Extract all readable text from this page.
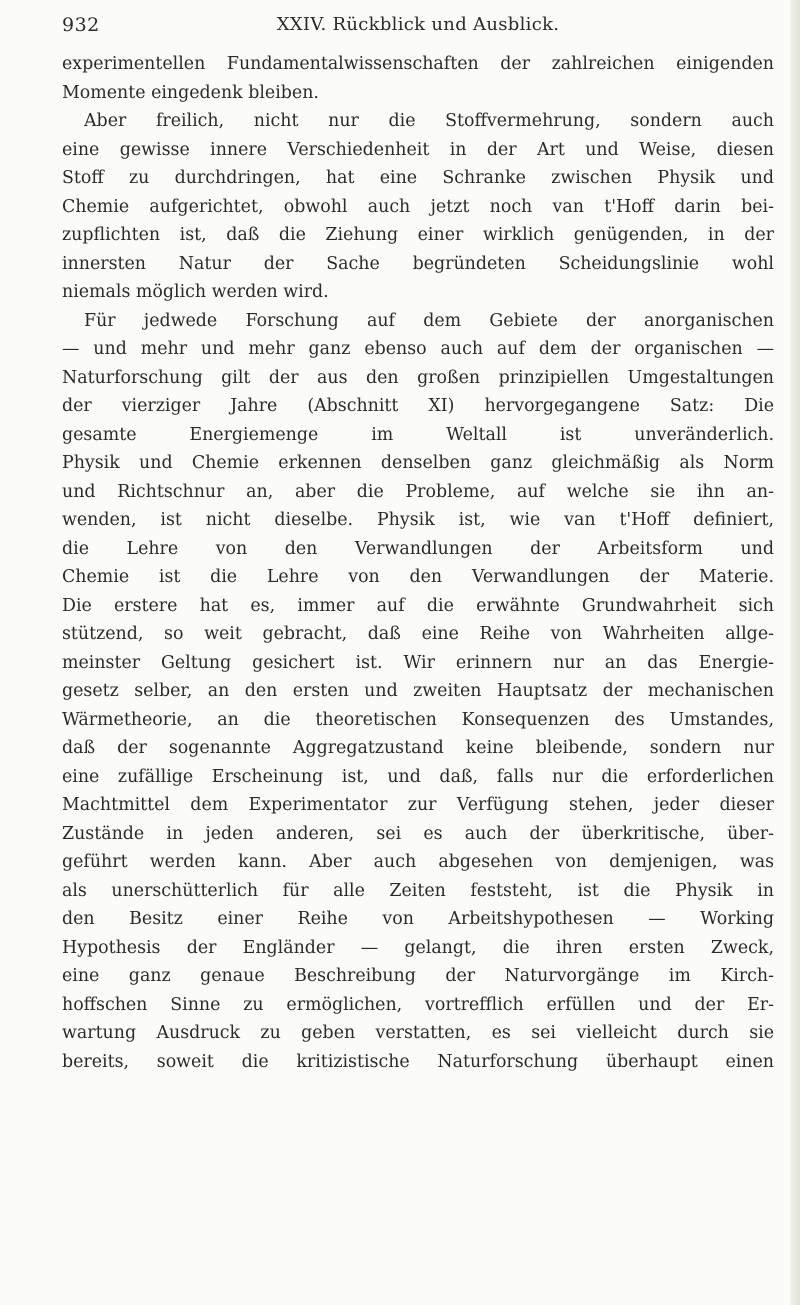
932	XXIV. Rückblick und Ausblick.
experimentellen Fundamentalwissenschaften der zahlreichen einigenden
Momente eingedenk bleiben.
Aber freilich, nicht nur die Stoffvermehrung, sondern auch
eine gewisse innere Verschiedenheit in der Art und Weise, diesen
Stoff zu durchdringen, hat eine Schranke zwischen Physik und
Chemie aufgerichtet, obwohl auch jetzt noch van t'Hoff darin bei-
zupflichten ist, daß die Ziehung einer wirklich genügenden, in der
innersten Natur der Sache begründeten Scheidungslinie wohl
niemals möglich werden wird.
Für jedwede Forschung auf dem Gebiete der anorganischen
— und mehr und mehr ganz ebenso auch auf dem der organischen —
Naturforschung gilt der aus den großen prinzipiellen Umgestaltungen
der vierziger Jahre (Abschnitt XI) hervorgegangene Satz: Die
gesamte Energiemenge im Weltall ist unveränderlich.
Physik und Chemie erkennen denselben ganz gleichmäßig als Norm
und Richtschnur an, aber die Probleme, auf welche sie ihn an-
wenden, ist nicht dieselbe. Physik ist, wie van t'Hoff definiert,
die Lehre von den Verwandlungen der Arbeitsform und
Chemie ist die Lehre von den Verwandlungen der Materie.
Die erstere hat es, immer auf die erwähnte Grundwahrheit sich
stützend, so weit gebracht, daß eine Reihe von Wahrheiten allge-
meinster Geltung gesichert ist. Wir erinnern nur an das Energie-
gesetz selber, an den ersten und zweiten Hauptsatz der mechanischen
Wärmetheorie, an die theoretischen Konsequenzen des Umstandes,
daß der sogenannte Aggregatzustand keine bleibende, sondern nur
eine zufällige Erscheinung ist, und daß, falls nur die erforderlichen
Machtmittel dem Experimentator zur Verfügung stehen, jeder dieser
Zustände in jeden anderen, sei es auch der überkritische, über-
geführt werden kann. Aber auch abgesehen von demjenigen, was
als unerschütterlich für alle Zeiten feststeht, ist die Physik in
den Besitz einer Reihe von Arbeitshypothesen — Working
Hypothesis der Engländer — gelangt, die ihren ersten Zweck,
eine ganz genaue Beschreibung der Naturvorgänge im Kirch-
hoffschen Sinne zu ermöglichen, vortrefflich erfüllen und der Er-
wartung Ausdruck zu geben verstatten, es sei vielleicht durch sie
bereits, soweit die kritizistische Naturforschung überhaupt einen
